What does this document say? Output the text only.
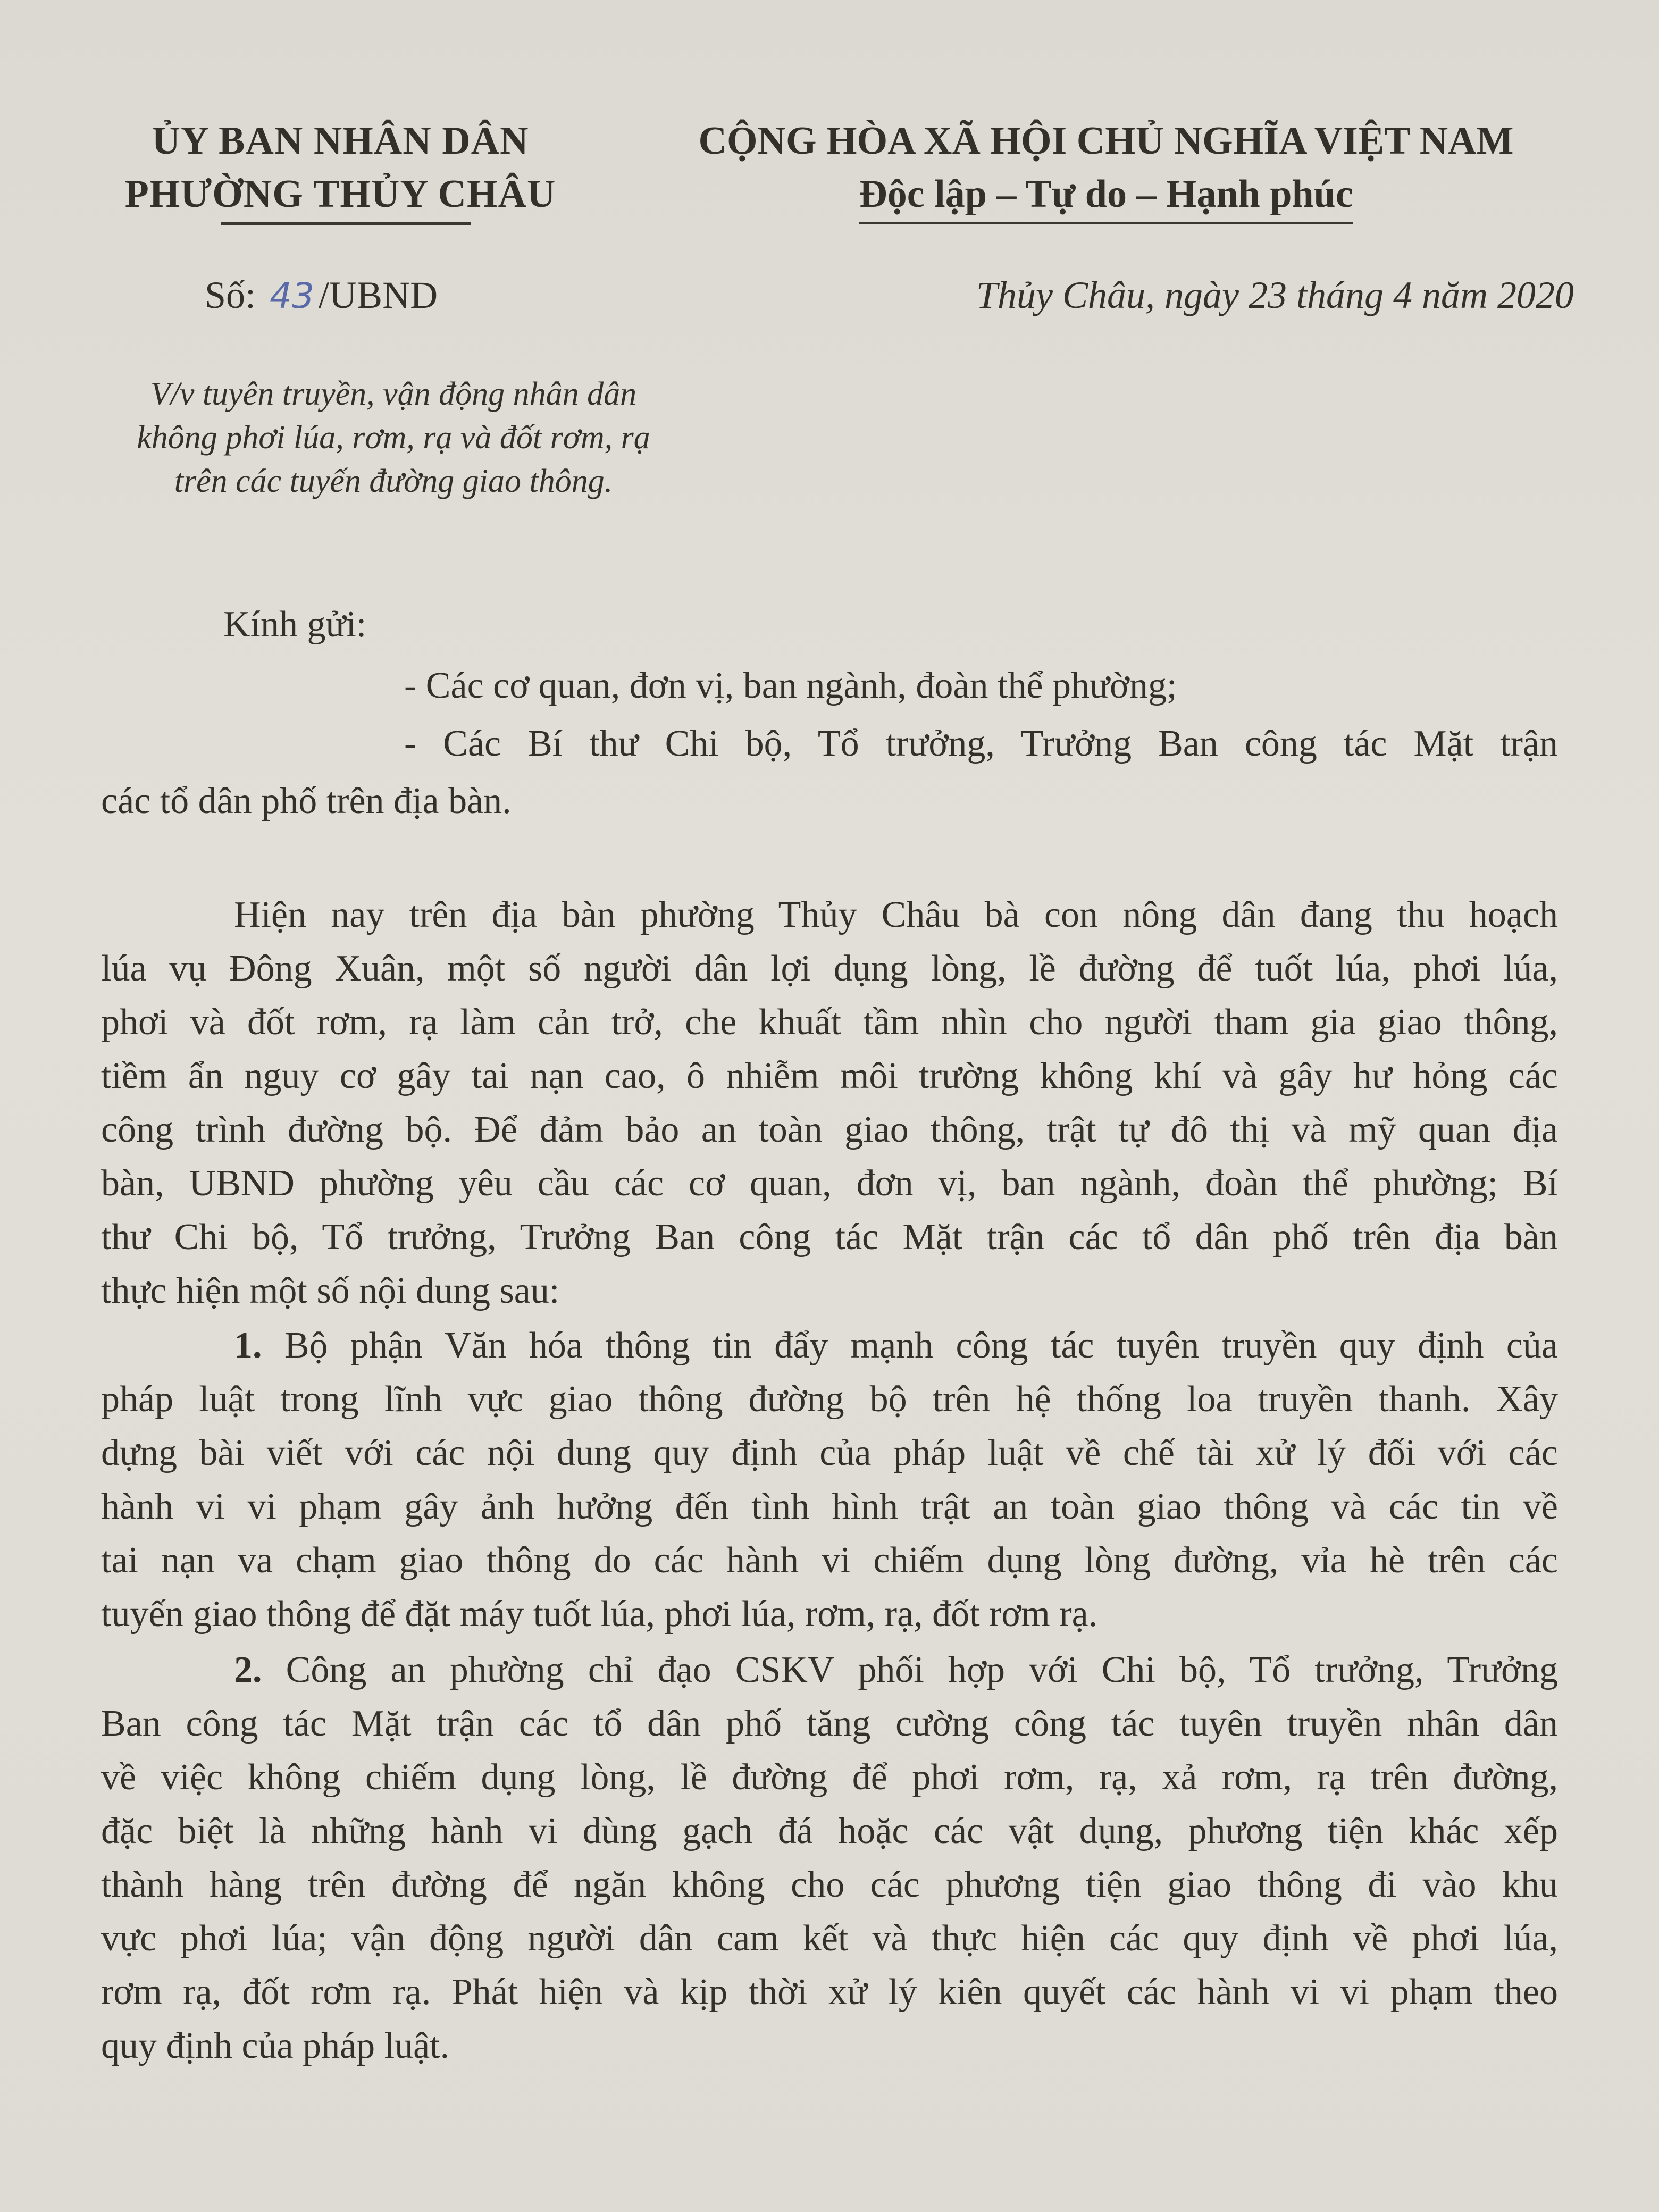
ỦY BAN NHÂN DÂN
PHƯỜNG THỦY CHÂU
CỘNG HÒA XÃ HỘI CHỦ NGHĨA VIỆT NAM
Độc lập – Tự do – Hạnh phúc
Số: 43 /UBND	Thủy Châu, ngày 23 tháng 4 năm 2020
V/v tuyên truyền, vận động nhân dân
không phơi lúa, rơm, rạ và đốt rơm, rạ
trên các tuyến đường giao thông.
Kính gửi:
- Các cơ quan, đơn vị, ban ngành, đoàn thể phường;
- Các Bí thư Chi bộ, Tổ trưởng, Trưởng Ban công tác Mặt trận
các tổ dân phố trên địa bàn.
Hiện nay trên địa bàn phường Thủy Châu bà con nông dân đang thu hoạch
lúa vụ Đông Xuân, một số người dân lợi dụng lòng, lề đường để tuốt lúa, phơi lúa,
phơi và đốt rơm, rạ làm cản trở, che khuất tầm nhìn cho người tham gia giao thông,
tiềm ẩn nguy cơ gây tai nạn cao, ô nhiễm môi trường không khí và gây hư hỏng các
công trình đường bộ. Để đảm bảo an toàn giao thông, trật tự đô thị và mỹ quan địa
bàn, UBND phường yêu cầu các cơ quan, đơn vị, ban ngành, đoàn thể phường; Bí
thư Chi bộ, Tổ trưởng, Trưởng Ban công tác Mặt trận các tổ dân phố trên địa bàn
thực hiện một số nội dung sau:
1. Bộ phận Văn hóa thông tin đẩy mạnh công tác tuyên truyền quy định của
pháp luật trong lĩnh vực giao thông đường bộ trên hệ thống loa truyền thanh. Xây
dựng bài viết với các nội dung quy định của pháp luật về chế tài xử lý đối với các
hành vi vi phạm gây ảnh hưởng đến tình hình trật an toàn giao thông và các tin về
tai nạn va chạm giao thông do các hành vi chiếm dụng lòng đường, vỉa hè trên các
tuyến giao thông để đặt máy tuốt lúa, phơi lúa, rơm, rạ, đốt rơm rạ.
2. Công an phường chỉ đạo CSKV phối hợp với Chi bộ, Tổ trưởng, Trưởng
Ban công tác Mặt trận các tổ dân phố tăng cường công tác tuyên truyền nhân dân
về việc không chiếm dụng lòng, lề đường để phơi rơm, rạ, xả rơm, rạ trên đường,
đặc biệt là những hành vi dùng gạch đá hoặc các vật dụng, phương tiện khác xếp
thành hàng trên đường để ngăn không cho các phương tiện giao thông đi vào khu
vực phơi lúa; vận động người dân cam kết và thực hiện các quy định về phơi lúa,
rơm rạ, đốt rơm rạ. Phát hiện và kịp thời xử lý kiên quyết các hành vi vi phạm theo
quy định của pháp luật.
